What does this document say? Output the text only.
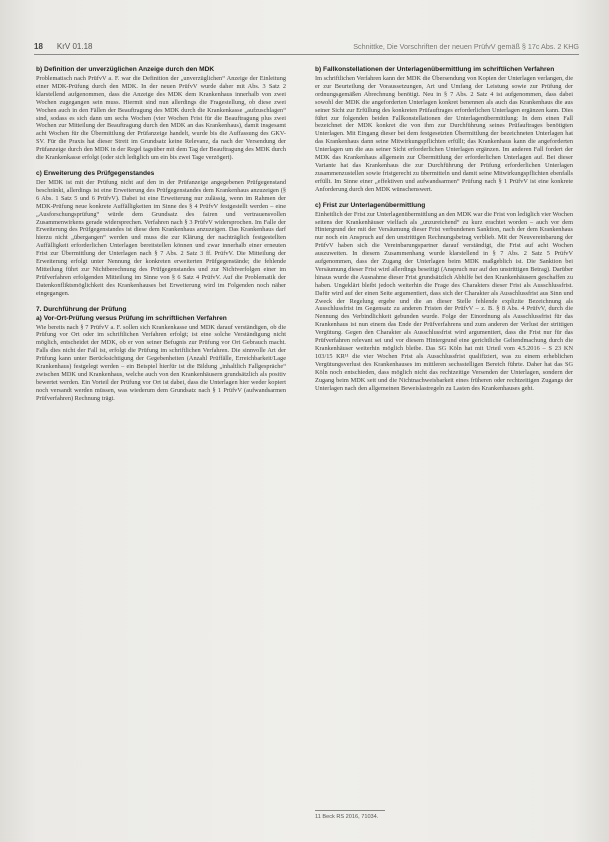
18 KrV 01.18	Schnittke, Die Vorschriften der neuen PrüfvV gemäß § 17c Abs. 2 KHG
b) Definition der unverzüglichen Anzeige durch den MDK

Problematisch nach PrüfvV a. F. war die Definition der „unverzüglichen“ Anzeige der Einleitung einer MDK-Prüfung durch den MDK. In der neuen PrüfvV wurde daher mit Abs. 3 Satz 2 klarstellend aufgenommen, dass die Anzeige des MDK dem Krankenhaus innerhalb von zwei Wochen zugegangen sein muss. Hiermit sind nun allerdings die Fragestellung, ob diese zwei Wochen auch in den Fällen der Beauftragung des MDK durch die Krankenkasse „aufzuschlagen“ sind, sodass es sich dann um sechs Wochen (vier Wochen Frist für die Beauftragung plus zwei Wochen zur Mitteilung der Beauftragung durch den MDK an das Krankenhaus), damit insgesamt acht Wochen für die Übermittlung der Prüfanzeige handelt, wurde bis die Auffassung des GKV-SV. Für die Praxis hat dieser Streit im Grundsatz keine Relevanz, da nach der Versendung der Prüfanzeige durch den MDK in der Regel tagsüber mit dem Tag der Beauftragung des MDK durch die Krankenkasse erfolgt (oder sich lediglich um ein bis zwei Tage verzögert).

c) Erweiterung des Prüfgegenstandes

Der MDK ist mit der Prüfung nicht auf den in der Prüfanzeige angegebenen Prüfgegenstand beschränkt, allerdings ist eine Erweiterung des Prüfgegenstandes dem Krankenhaus anzuzeigen (§ 6 Abs. 1 Satz 5 und 6 PrüfvV). Dabei ist eine Erweiterung nur zulässig, wenn im Rahmen der MDK-Prüfung neue konkrete Auffälligkeiten im Sinne des § 4 PrüfvV festgestellt werden – eine „Ausforschungsprüfung“ würde dem Grundsatz des fairen und vertrauensvollen Zusammenwirkens gerade widersprechen. Verfahren nach § 3 PrüfvV widersprochen. Im Falle der Erweiterung des Prüfgegenstandes ist diese dem Krankenhaus anzuzeigen. Das Krankenhaus darf hierzu nicht „übergangen“ werden und muss die zur Klärung der nachträglich festgestellten Auffälligkeit erforderlichen Unterlagen bereitstellen können und zwar innerhalb einer erneuten Frist zur Übermittlung der Unterlagen nach § 7 Abs. 2 Satz 3 ff. PrüfvV. Die Mitteilung der Erweiterung erfolgt unter Nennung der konkreten erweiterten Prüfgegenstände; die fehlende Mitteilung führt zur Nichtberechnung des Prüfgegenstandes und zur Nichtverfolgen einer im Prüfverfahren erfolgenden Mitteilung im Sinne von § 6 Satz 4 PrüfvV. Auf die Problematik der Datenkonfliktsmöglichkeit des Krankenhauses bei Erweiterung wird im Folgenden noch näher eingegangen.

7. Durchführung der Prüfung
a) Vor-Ort-Prüfung versus Prüfung im schriftlichen Verfahren

Wie bereits nach § 7 PrüfvV a. F. sollen sich Krankenkasse und MDK darauf verständigen, ob die Prüfung vor Ort oder im schriftlichen Verfahren erfolgt; ist eine solche Verständigung nicht möglich, entscheidet der MDK, ob er von seiner Befugnis zur Prüfung vor Ort Gebrauch macht. Falls dies nicht der Fall ist, erfolgt die Prüfung im schriftlichen Verfahren. Die sinnvolle Art der Prüfung kann unter Berücksichtigung der Gegebenheiten (Anzahl Prüffälle, Erreichbarkeit/Lage Krankenhaus) festgelegt werden – ein Beispiel hierfür ist die Bildung „inhaltlich Fallgespräche“ zwischen MDK und Krankenhaus, welche auch von den Krankenhäusern grundsätzlich als positiv bewertet werden. Ein Vorteil der Prüfung vor Ort ist dabei, dass die Unterlagen hier weder kopiert noch versandt werden müssen, was wiederum dem Grundsatz nach § 1 PrüfvV (aufwandsarmen Prüfverfahren) Rechnung trägt.

b) Fallkonstellationen der Unterlagenübermittlung im schriftlichen Verfahren

Im schriftlichen Verfahren kann der MDK die Übersendung von Kopien der Unterlagen verlangen, die er zur Beurteilung der Voraussetzungen, Art und Umfang der Leistung sowie zur Prüfung der ordnungsgemäßen Abrechnung benötigt. Neu in § 7 Abs. 2 Satz 4 ist aufgenommen, dass dabei sowohl der MDK die angeforderten Unterlagen konkret benennen als auch das Krankenhaus die aus seiner Sicht zur Erfüllung des konkreten Prüfauftrages erforderlichen Unterlagen ergänzen kann. Dies führt zur folgenden beiden Fallkonstellationen der Unterlagenübermittlung: In dem einen Fall bezeichnet der MDK konkret die von ihm zur Durchführung seines Prüfauftrages benötigten Unterlagen. Mit Eingang dieser bei dem festgesetzten Übermittlung der bezeichneten Unterlagen hat das Krankenhaus dann seine Mitwirkungspflichten erfüllt; das Krankenhaus kann die angeforderten Unterlagen um die aus seiner Sicht erforderlichen Unterlagen ergänzen. Im anderen Fall fordert der MDK das Krankenhaus allgemein zur Übermittlung der erforderlichen Unterlagen auf. Bei dieser Variante hat das Krankenhaus die zur Durchführung der Prüfung erforderlichen Unterlagen zusammenzustellen sowie fristgerecht zu übermitteln und damit seine Mitwirkungspflichten ebenfalls erfüllt. Im Sinne einer „effektiven und aufwandsarmen“ Prüfung nach § 1 PrüfvV ist eine konkrete Anforderung durch den MDK wünschenswert.

c) Frist zur Unterlagenübermittlung

Einheitlich der Frist zur Unterlagenübermittlung an den MDK war die Frist von lediglich vier Wochen seitens der Krankenhäuser vielfach als „unzureichend“ zu kurz erachtet worden – auch vor dem Hintergrund der mit der Versäumung dieser Frist verbundenen Sanktion, nach der dem Krankenhaus nur noch ein Anspruch auf den unstrittigen Rechnungsbetrag verblieb. Mit der Neuvereinbarung der PrüfvV haben sich die Vereinbarungspartner darauf verständigt, die Frist auf acht Wochen auszuweiten. In diesem Zusammenhang wurde klarstellend in § 7 Abs. 2 Satz 5 PrüfvV aufgenommen, dass der Zugang der Unterlagen beim MDK maßgeblich ist. Die Sanktion bei Versäumung dieser Frist wird allerdings beseitigt (Anspruch nur auf den unstrittigen Betrag). Darüber hinaus wurde die Ausnahme dieser Frist grundsätzlich Abhilfe bei den Krankenhäusern geschaffen zu haben. Ungeklärt bleibt jedoch weiterhin die Frage des Charakters dieser Frist als Ausschlussfrist. Dafür wird auf der einen Seite argumentiert, dass sich der Charakter als Ausschlussfrist aus Sinn und Zweck der Regelung ergebe und die an dieser Stelle fehlende explizite Bezeichnung als Ausschlussfrist im Gegensatz zu anderen Fristen der PrüfvV – z. B. § 8 Abs. 4 PrüfvV, durch die Nennung des Verbindlichkeit gebunden wurde. Folge der Einordnung als Ausschlussfrist für das Krankenhaus ist nun einem das Ende der Prüfverfahrens und zum anderen der Verlust der strittigen Vergütung. Gegen den Charakter als Ausschlussfrist wird argumentiert, dass die Frist nur für das Prüfverfahren relevant sei und vor diesem Hintergrund eine gerichtliche Geltendmachung durch die Krankenhäuser weiterhin möglich bleibe. Das SG Köln hat mit Urteil vom 4.5.2016 – S 23 KN 103/15 KR¹¹ die vier Wochen Frist als Ausschlussfrist qualifiziert, was zu einem erheblichen Vergütungsverlust des Krankenhauses im mittleren sechsstelligen Bereich führte. Daher hat das SG Köln noch entschieden, dass möglich nicht das rechtzeitige Versenden der Unterlagen, sondern der Zugang beim MDK seit und die Nichtnachweisbarkeit eines früheren oder rechtzeitigen Zugangs der Unterlagen nach den allgemeinen Beweislastregeln zu Lasten des Krankenhauses geht.

11 Beck RS 2016, 71034.
